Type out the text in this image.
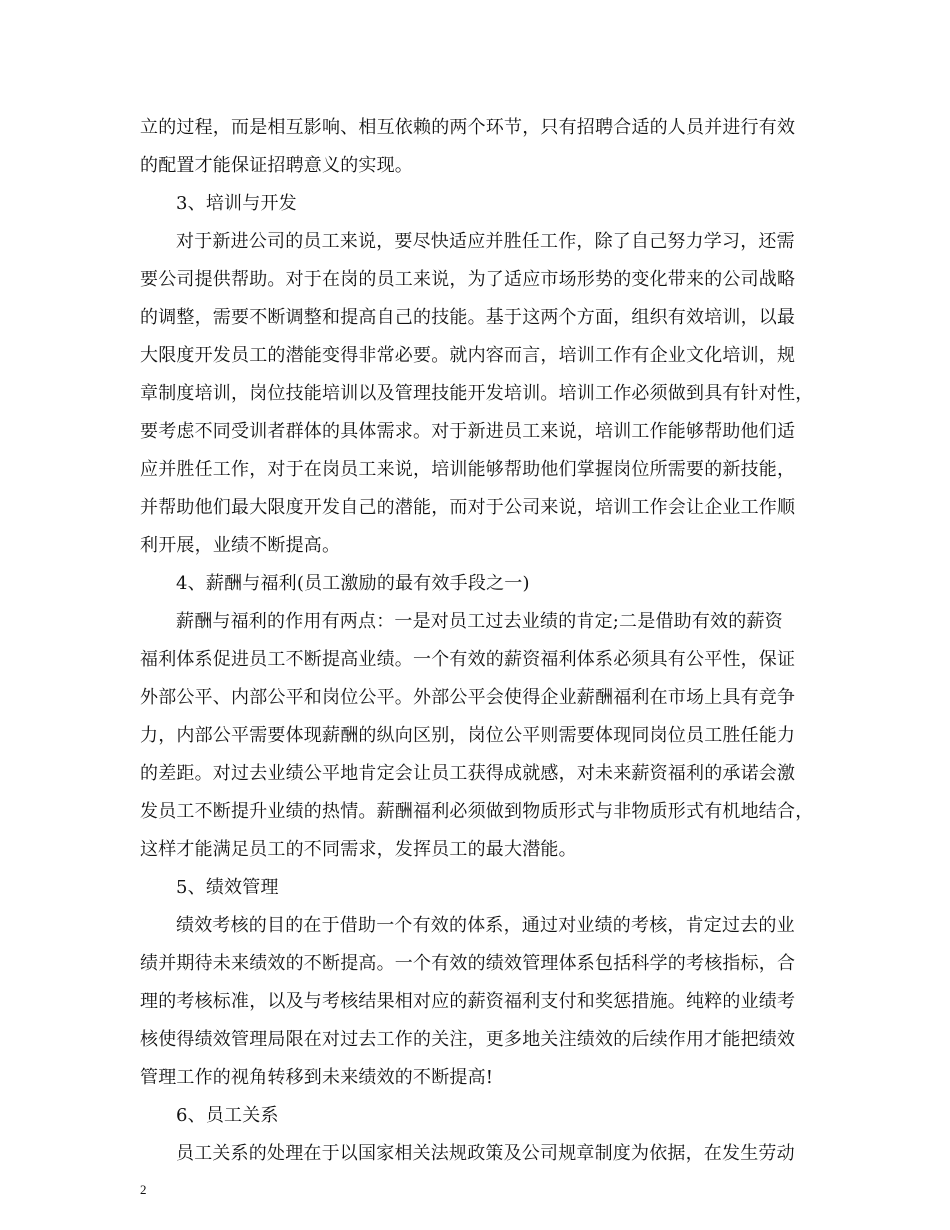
立的过程，而是相互影响、相互依赖的两个环节，只有招聘合适的人员并进行有效
的配置才能保证招聘意义的实现。
3、培训与开发
对于新进公司的员工来说，要尽快适应并胜任工作，除了自己努力学习，还需
要公司提供帮助。对于在岗的员工来说，为了适应市场形势的变化带来的公司战略
的调整，需要不断调整和提高自己的技能。基于这两个方面，组织有效培训，以最
大限度开发员工的潜能变得非常必要。就内容而言，培训工作有企业文化培训，规
章制度培训，岗位技能培训以及管理技能开发培训。培训工作必须做到具有针对性，
要考虑不同受训者群体的具体需求。对于新进员工来说，培训工作能够帮助他们适
应并胜任工作，对于在岗员工来说，培训能够帮助他们掌握岗位所需要的新技能，
并帮助他们最大限度开发自己的潜能，而对于公司来说，培训工作会让企业工作顺
利开展，业绩不断提高。
4、薪酬与福利(员工激励的最有效手段之一)
薪酬与福利的作用有两点：一是对员工过去业绩的肯定;二是借助有效的薪资
福利体系促进员工不断提高业绩。一个有效的薪资福利体系必须具有公平性，保证
外部公平、内部公平和岗位公平。外部公平会使得企业薪酬福利在市场上具有竞争
力，内部公平需要体现薪酬的纵向区别，岗位公平则需要体现同岗位员工胜任能力
的差距。对过去业绩公平地肯定会让员工获得成就感，对未来薪资福利的承诺会激
发员工不断提升业绩的热情。薪酬福利必须做到物质形式与非物质形式有机地结合，
这样才能满足员工的不同需求，发挥员工的最大潜能。
5、绩效管理
绩效考核的目的在于借助一个有效的体系，通过对业绩的考核，肯定过去的业
绩并期待未来绩效的不断提高。一个有效的绩效管理体系包括科学的考核指标，合
理的考核标准，以及与考核结果相对应的薪资福利支付和奖惩措施。纯粹的业绩考
核使得绩效管理局限在对过去工作的关注，更多地关注绩效的后续作用才能把绩效
管理工作的视角转移到未来绩效的不断提高!
6、员工关系
员工关系的处理在于以国家相关法规政策及公司规章制度为依据，在发生劳动
2
